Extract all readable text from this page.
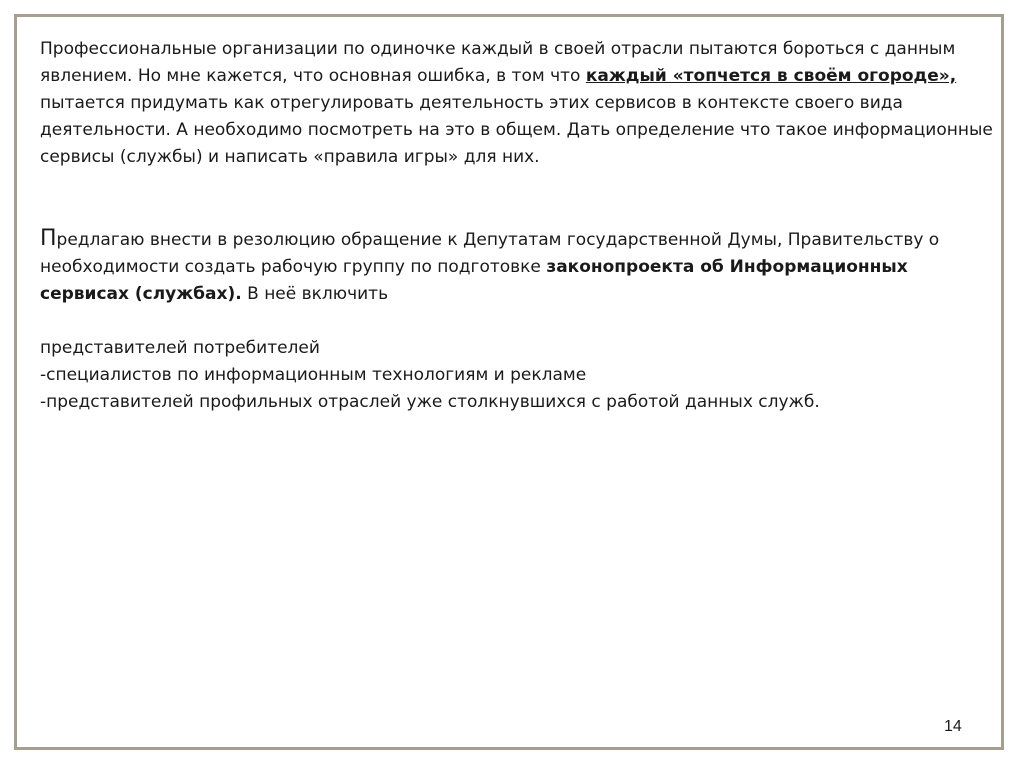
Профессиональные организации по одиночке каждый в своей отрасли пытаются бороться с данным явлением. Но мне кажется, что основная ошибка, в том что каждый «топчется в своём огороде», пытается придумать как отрегулировать деятельность этих сервисов в контексте своего вида деятельности. А необходимо посмотреть на это в общем. Дать определение что такое информационные сервисы (службы) и написать «правила игры» для них.

Предлагаю внести в резолюцию обращение к Депутатам государственной Думы, Правительству о необходимости создать рабочую группу по подготовке законопроекта об Информационных сервисах (службах). В неё включить

представителей потребителей
-специалистов по информационным технологиям и рекламе
-представителей профильных отраслей уже столкнувшихся с работой данных служб.
14
